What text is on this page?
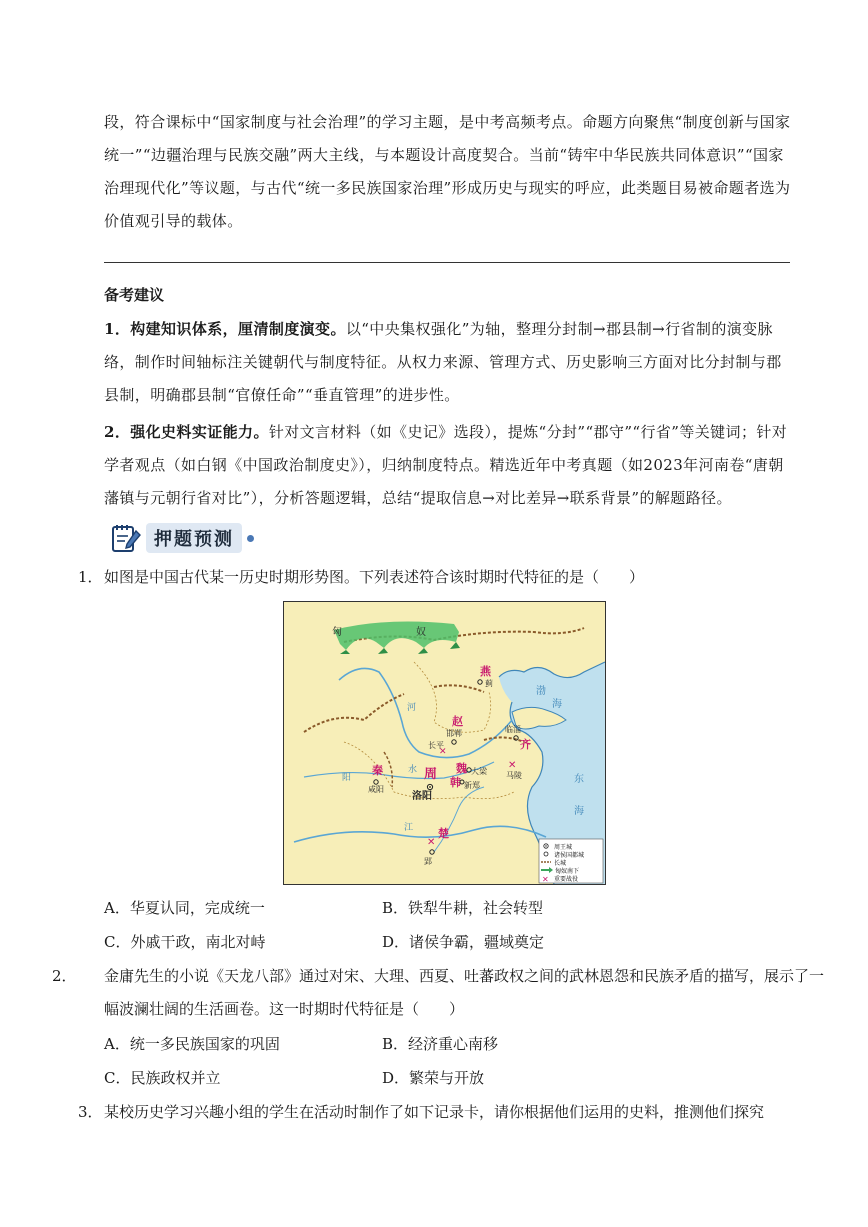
段，符合课标中“国家制度与社会治理”的学习主题，是中考高频考点。命题方向聚焦“制度创新与国家统一”“边疆治理与民族交融”两大主线，与本题设计高度契合。当前“铸牢中华民族共同体意识”“国家治理现代化”等议题，与古代“统一多民族国家治理”形成历史与现实的呼应，此类题目易被命题者选为价值观引导的载体。

备考建议

1．构建知识体系，厘清制度演变。以“中央集权强化”为轴，整理分封制→郡县制→行省制的演变脉络，制作时间轴标注关键朝代与制度特征。从权力来源、管理方式、历史影响三方面对比分封制与郡县制，明确郡县制“官僚任命”“垂直管理”的进步性。

2．强化史料实证能力。针对文言材料（如《史记》选段），提炼“分封”“郡守”“行省”等关键词；针对学者观点（如白钢《中国政治制度史》），归纳制度特点。精选近年中考真题（如2023年河南卷“唐朝藩镇与元朝行省对比”），分析答题逻辑，总结“提取信息→对比差异→联系背景”的解题路径。

押题预测

1．如图是中国古代某一历史时期形势图。下列表述符合该时期时代特征的是（　　）

匈	奴
燕
蓟
赵
邯郸
长平
✕
临淄
齐
魏 大梁
韩 新郑
周
洛阳
秦
咸阳
✕
马陵
楚
✕
郢
渤
海
东
海
河
水
江
阳
周王城
诸侯国都城
长城
匈奴南下
✕ 重要战役
A．华夏认同，完成统一	B．铁犁牛耕，社会转型
C．外戚干政，南北对峙	D．诸侯争霸，疆域奠定

2． 金庸先生的小说《天龙八部》通过对宋、大理、西夏、吐蕃政权之间的武林恩怨和民族矛盾的描写，展示了一幅波澜壮阔的生活画卷。这一时期时代特征是（　　）

A．统一多民族国家的巩固	B．经济重心南移
C．民族政权并立	D．繁荣与开放

3．某校历史学习兴趣小组的学生在活动时制作了如下记录卡，请你根据他们运用的史料，推测他们探究
